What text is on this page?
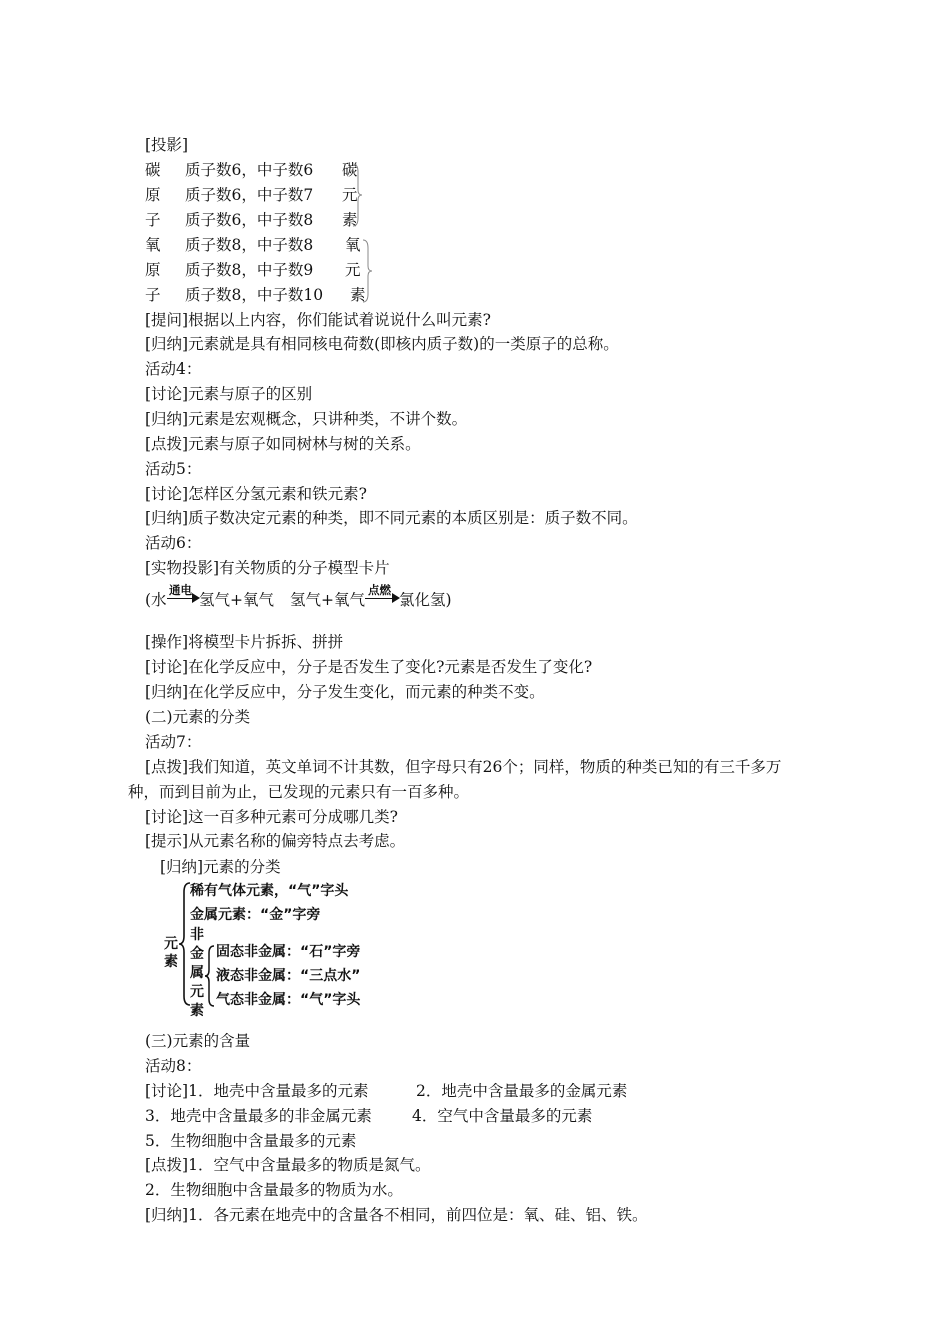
[投影]
碳 质子数6，中子数6 碳
原 质子数6，中子数7 元
子 质子数6，中子数8 素
氧 质子数8，中子数8 氧
原 质子数8，中子数9 元
子 质子数8，中子数10 素
[提问]根据以上内容，你们能试着说说什么叫元素?
[归纳]元素就是具有相同核电荷数(即核内质子数)的一类原子的总称。
活动4：
[讨论]元素与原子的区别
[归纳]元素是宏观概念，只讲种类，不讲个数。
[点拨]元素与原子如同树林与树的关系。
活动5：
[讨论]怎样区分氢元素和铁元素?
[归纳]质子数决定元素的种类，即不同元素的本质区别是：质子数不同。
活动6：
[实物投影]有关物质的分子模型卡片
(水
通电
氢气+氧气 氢气+氧气
点燃
氯化氢)
[操作]将模型卡片拆拆、拼拼
[讨论]在化学反应中，分子是否发生了变化?元素是否发生了变化?
[归纳]在化学反应中，分子发生变化，而元素的种类不变。
(二)元素的分类
活动7：
[点拨]我们知道，英文单词不计其数，但字母只有26个；同样，物质的种类已知的有三千多万
种，而到目前为止，已发现的元素只有一百多种。
[讨论]这一百多种元素可分成哪几类?
[提示]从元素名称的偏旁特点去考虑。
[归纳]元素的分类
元素
稀有气体元素，“气”字头
金属元素：“金”字旁
非金属元素
固态非金属：“石”字旁
液态非金属：“三点水”
气态非金属：“气”字头
(三)元素的含量
活动8：
[讨论]1．地壳中含量最多的元素	2．地壳中含量最多的金属元素
3．地壳中含量最多的非金属元素	4．空气中含量最多的元素
5．生物细胞中含量最多的元素
[点拨]1．空气中含量最多的物质是氮气。
2．生物细胞中含量最多的物质为水。
[归纳]1．各元素在地壳中的含量各不相同，前四位是：氧、硅、铝、铁。
